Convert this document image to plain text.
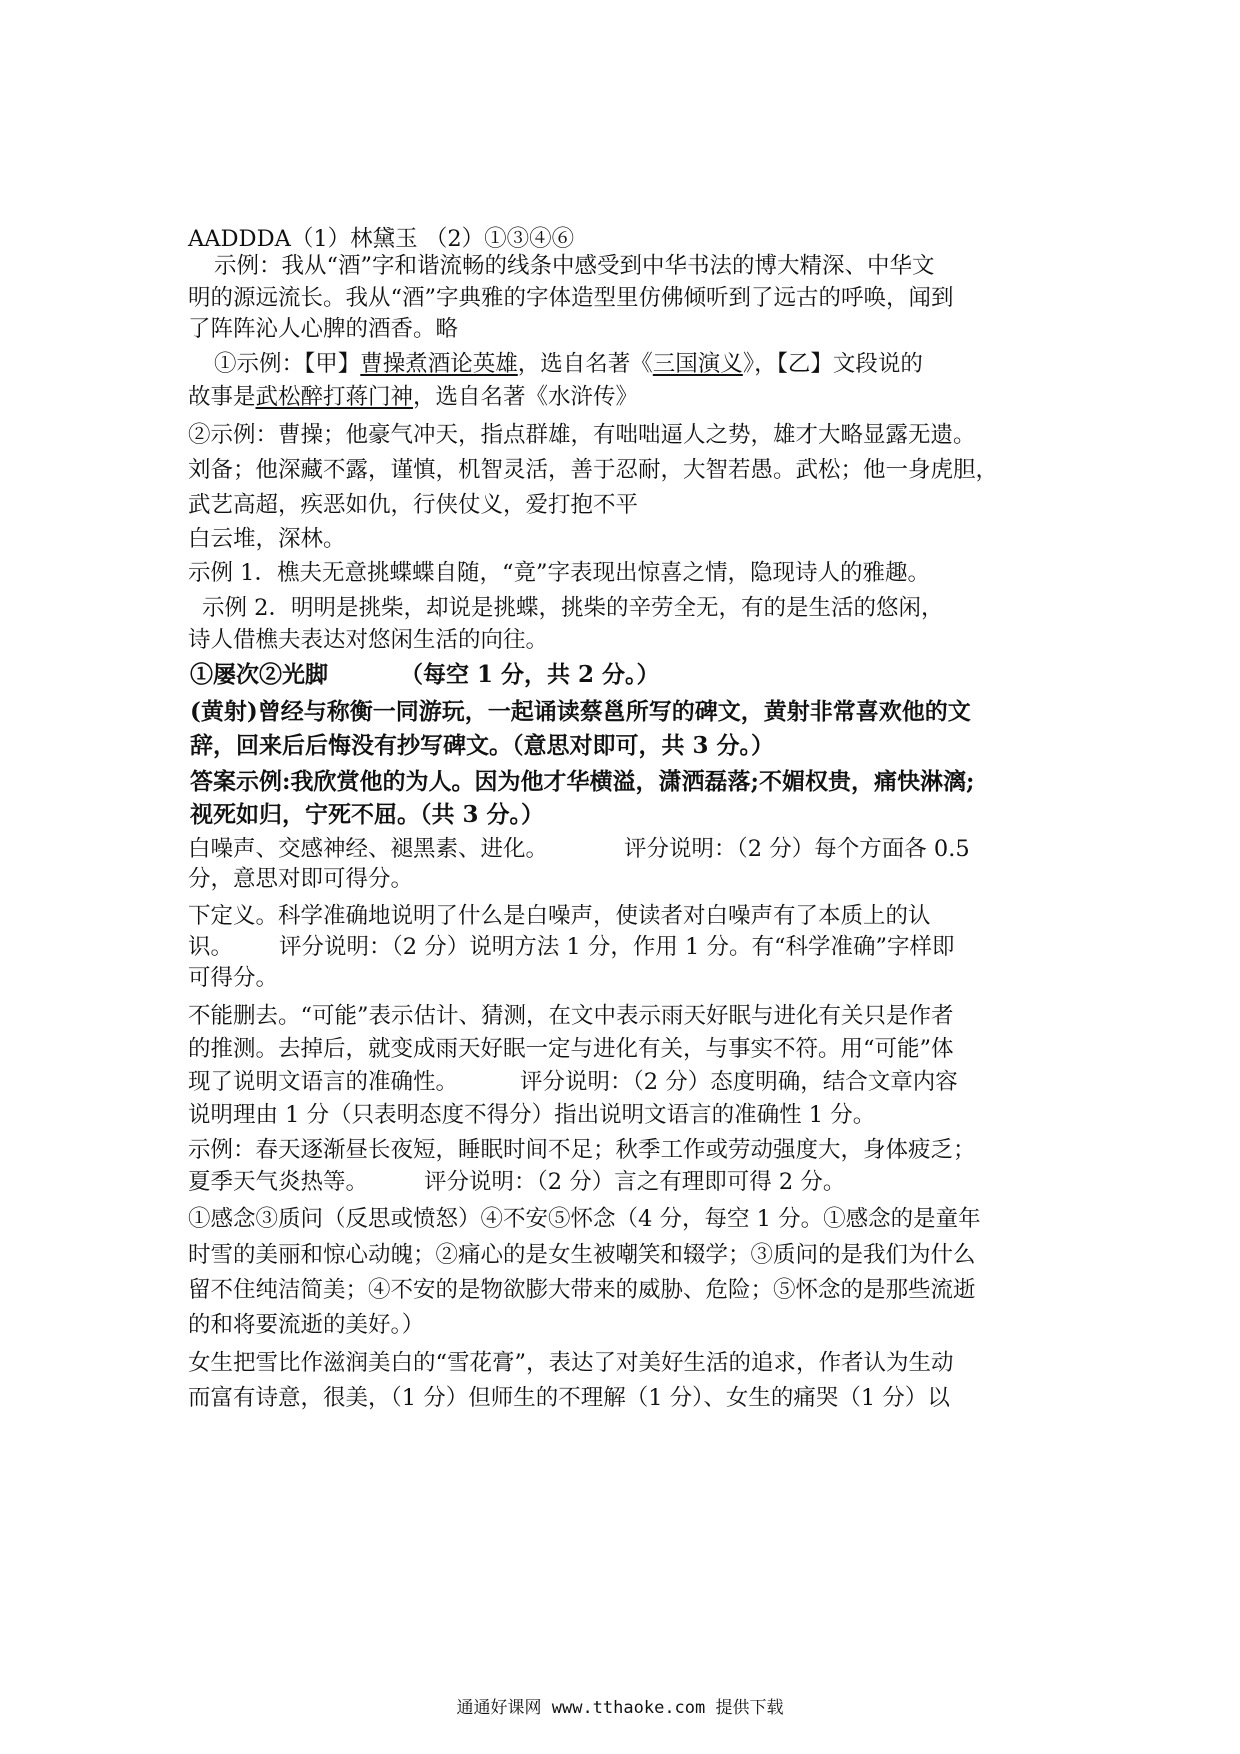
AADDDA（1）林黛玉 （2）①③④⑥
示例：我从“酒”字和谐流畅的线条中感受到中华书法的博大精深、中华文
明的源远流长。我从“酒”字典雅的字体造型里仿佛倾听到了远古的呼唤，闻到
了阵阵沁人心脾的酒香。略
①示例：【甲】曹操煮酒论英雄，选自名著《三国演义》，【乙】文段说的
故事是武松醉打蒋门神，选自名著《水浒传》
②示例：曹操；他豪气冲天，指点群雄，有咄咄逼人之势，雄才大略显露无遗。
刘备；他深藏不露，谨慎，机智灵活，善于忍耐，大智若愚。武松；他一身虎胆，
武艺高超，疾恶如仇，行侠仗义，爱打抱不平
白云堆，深林。
示例 1．樵夫无意挑蝶蝶自随，“竟”字表现出惊喜之情，隐现诗人的雅趣。
示例 2．明明是挑柴，却说是挑蝶，挑柴的辛劳全无，有的是生活的悠闲，
诗人借樵夫表达对悠闲生活的向往。
①屡次②光脚	（每空 1 分，共 2 分。）
(黄射)曾经与称衡一同游玩，一起诵读蔡邕所写的碑文，黄射非常喜欢他的文
辞，回来后后悔没有抄写碑文。（意思对即可，共 3 分。）
答案示例:我欣赏他的为人。因为他才华横溢，潇洒磊落;不媚权贵，痛快淋漓;
视死如归，宁死不屈。（共 3 分。）
白噪声、交感神经、褪黑素、进化。	评分说明：（2 分）每个方面各 0.5
分，意思对即可得分。
下定义。科学准确地说明了什么是白噪声，使读者对白噪声有了本质上的认
识。 评分说明：（2 分）说明方法 1 分，作用 1 分。有“科学准确”字样即
可得分。
不能删去。“可能”表示估计、猜测，在文中表示雨天好眠与进化有关只是作者
的推测。去掉后，就变成雨天好眠一定与进化有关，与事实不符。用“可能”体
现了说明文语言的准确性。	评分说明：（2 分）态度明确，结合文章内容
说明理由 1 分（只表明态度不得分）指出说明文语言的准确性 1 分。
示例：春天逐渐昼长夜短，睡眠时间不足；秋季工作或劳动强度大，身体疲乏；
夏季天气炎热等。 评分说明：（2 分）言之有理即可得 2 分。
①感念③质问（反思或愤怒）④不安⑤怀念（4 分，每空 1 分。①感念的是童年
时雪的美丽和惊心动魄；②痛心的是女生被嘲笑和辍学；③质问的是我们为什么
留不住纯洁简美；④不安的是物欲膨大带来的威胁、危险；⑤怀念的是那些流逝
的和将要流逝的美好。）
女生把雪比作滋润美白的“雪花膏”，表达了对美好生活的追求，作者认为生动
而富有诗意，很美，（1 分）但师生的不理解（1 分）、女生的痛哭（1 分）以
通通好课网 www.tthaoke.com 提供下载
